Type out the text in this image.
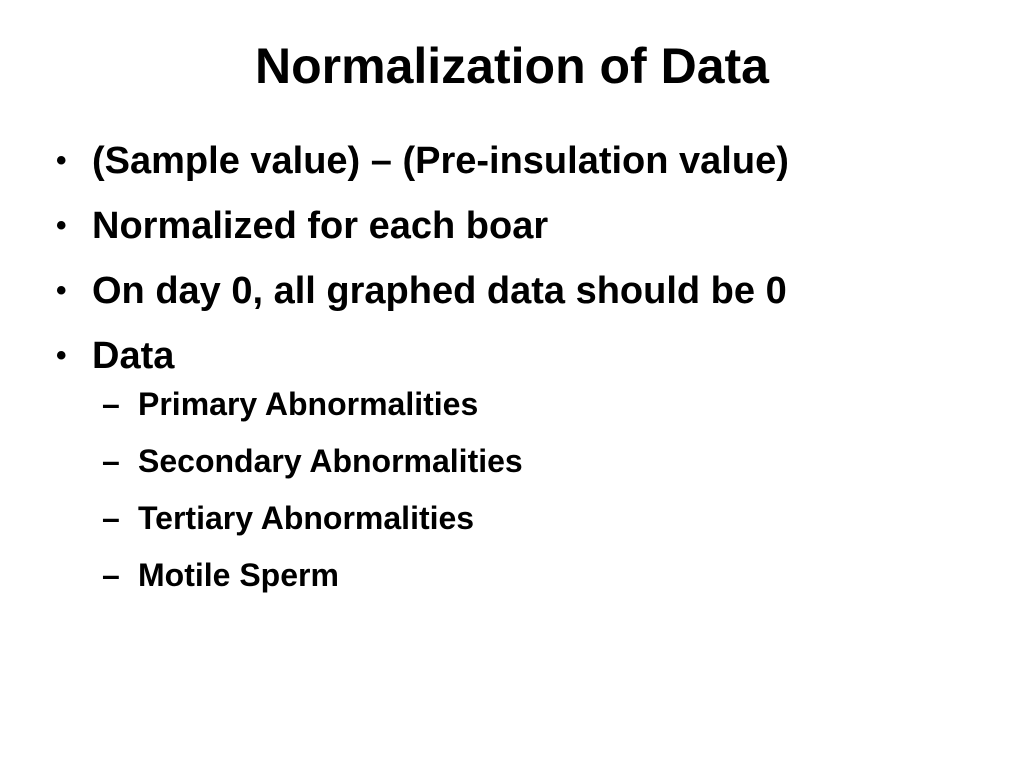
Normalization of Data
• (Sample value) – (Pre-insulation value)
• Normalized for each boar
• On day 0, all graphed data should be 0
• Data
– Primary Abnormalities
– Secondary Abnormalities
– Tertiary Abnormalities
– Motile Sperm
